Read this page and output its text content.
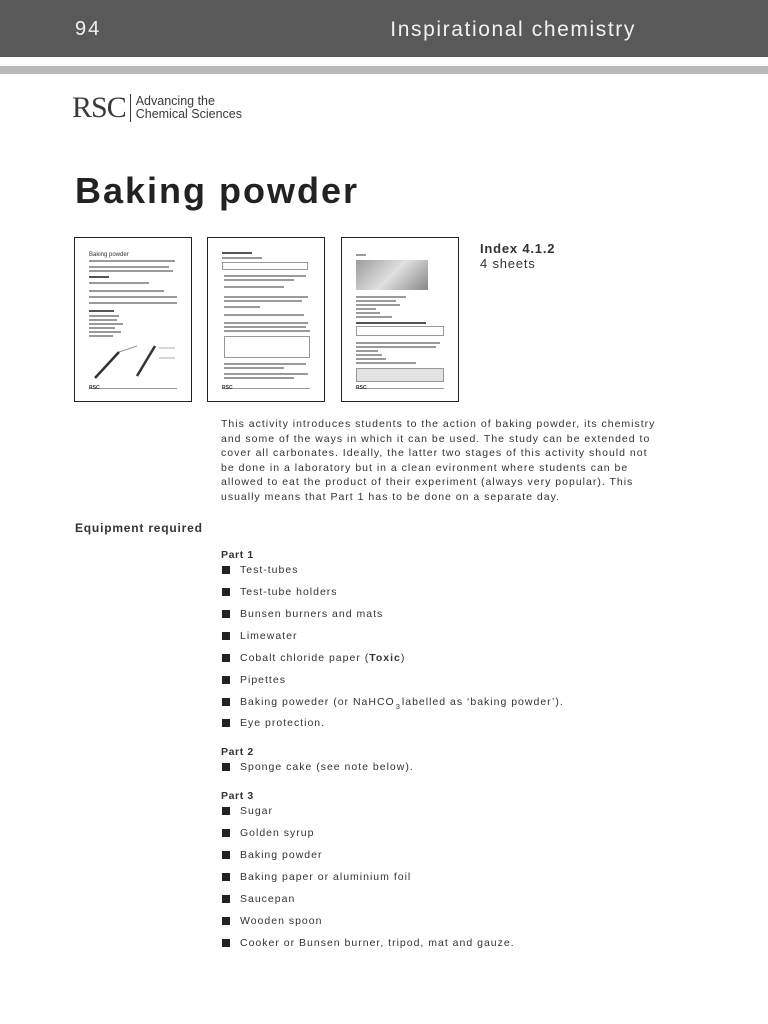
94	Inspirational chemistry
RSC Advancing the
Chemical Sciences
Baking powder
Baking powder
RSC	RSC	RSC
Index 4.1.2
4 sheets

This activity introduces students to the action of baking powder, its chemistry and some of the ways in which it can be used. The study can be extended to cover all carbonates. Ideally, the latter two stages of this activity should not be done in a laboratory but in a clean evironment where students can be allowed to eat the product of their experiment (always very popular). This usually means that Part 1 has to be done on a separate day.

Equipment required
Part 1
Test-tubes
Test-tube holders
Bunsen burners and mats
Limewater
Cobalt chloride paper ( Toxic )
Pipettes
Baking poweder (or NaHCO 3 labelled as ‘baking powder’).
Eye protection.
Part 2
Sponge cake (see note below).
Part 3
Sugar
Golden syrup
Baking powder
Baking paper or aluminium foil
Saucepan
Wooden spoon
Cooker or Bunsen burner, tripod, mat and gauze.
